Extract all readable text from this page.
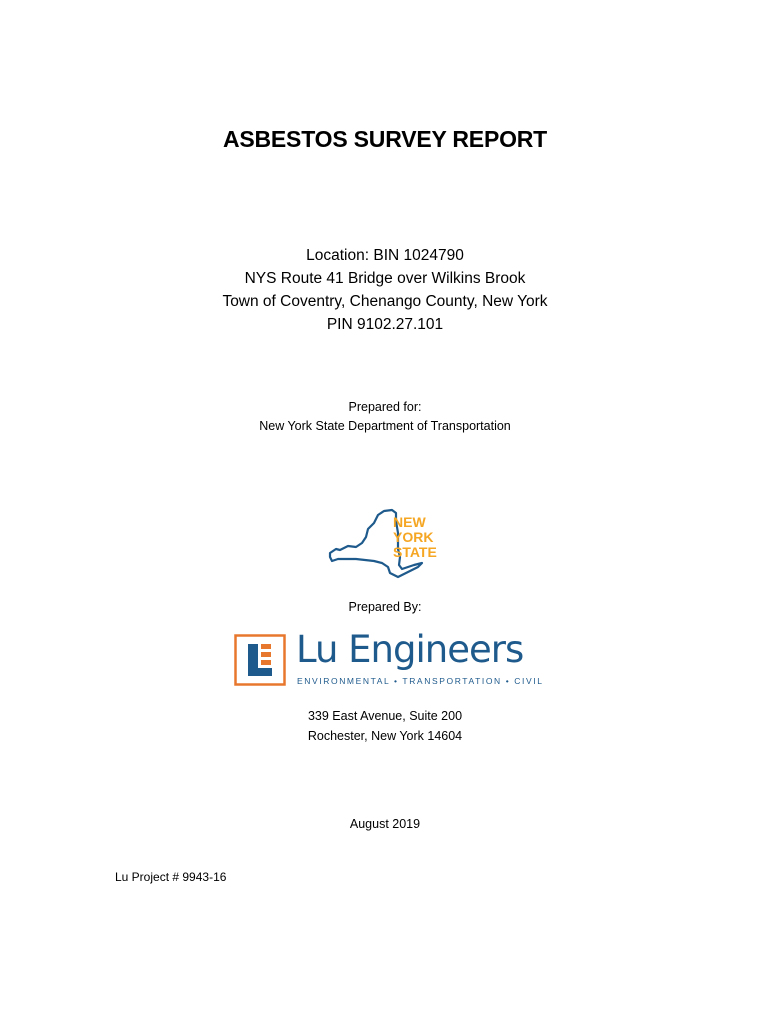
ASBESTOS SURVEY REPORT
Location: BIN 1024790
NYS Route 41 Bridge over Wilkins Brook
Town of Coventry, Chenango County, New York
PIN 9102.27.101
Prepared for:
New York State Department of Transportation
NEW
YORK
STATE
Prepared By:
Lu Engineers
ENVIRONMENTAL • TRANSPORTATION • CIVIL
339 East Avenue, Suite 200
Rochester, New York 14604
August 2019
Lu Project # 9943-16
